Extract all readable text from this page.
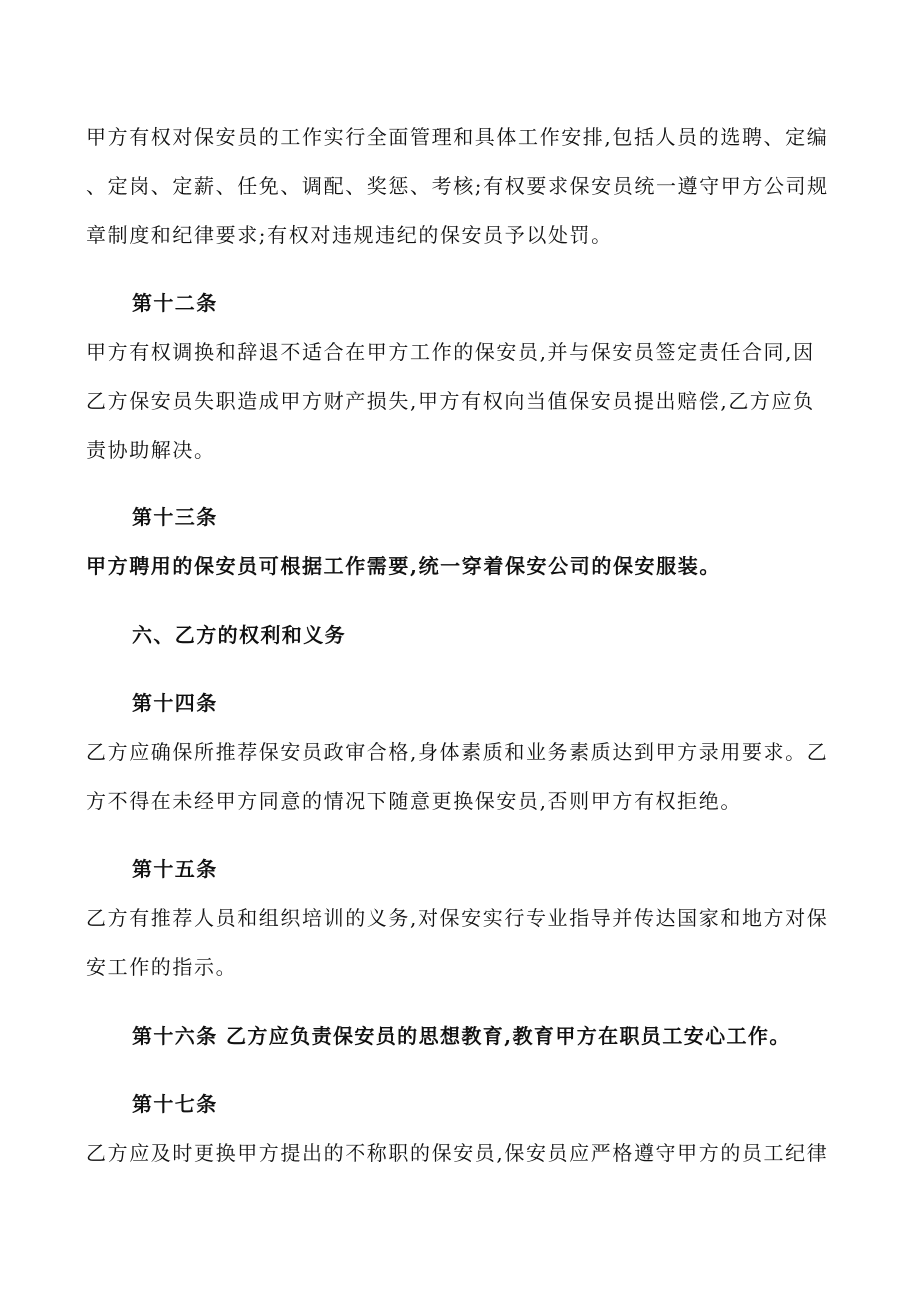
甲方有权对保安员的工作实行全面管理和具体工作安排,包括人员的选聘、定编
、定岗、定薪、任免、调配、奖惩、考核;有权要求保安员统一遵守甲方公司规
章制度和纪律要求;有权对违规违纪的保安员予以处罚。
第十二条
甲方有权调换和辞退不适合在甲方工作的保安员,并与保安员签定责任合同,因
乙方保安员失职造成甲方财产损失,甲方有权向当值保安员提出赔偿,乙方应负
责协助解决。
第十三条
甲方聘用的保安员可根据工作需要,统一穿着保安公司的保安服装。
六、乙方的权利和义务
第十四条
乙方应确保所推荐保安员政审合格,身体素质和业务素质达到甲方录用要求。乙
方不得在未经甲方同意的情况下随意更换保安员,否则甲方有权拒绝。
第十五条
乙方有推荐人员和组织培训的义务,对保安实行专业指导并传达国家和地方对保
安工作的指示。
第十六条 乙方应负责保安员的思想教育,教育甲方在职员工安心工作。
第十七条
乙方应及时更换甲方提出的不称职的保安员,保安员应严格遵守甲方的员工纪律
